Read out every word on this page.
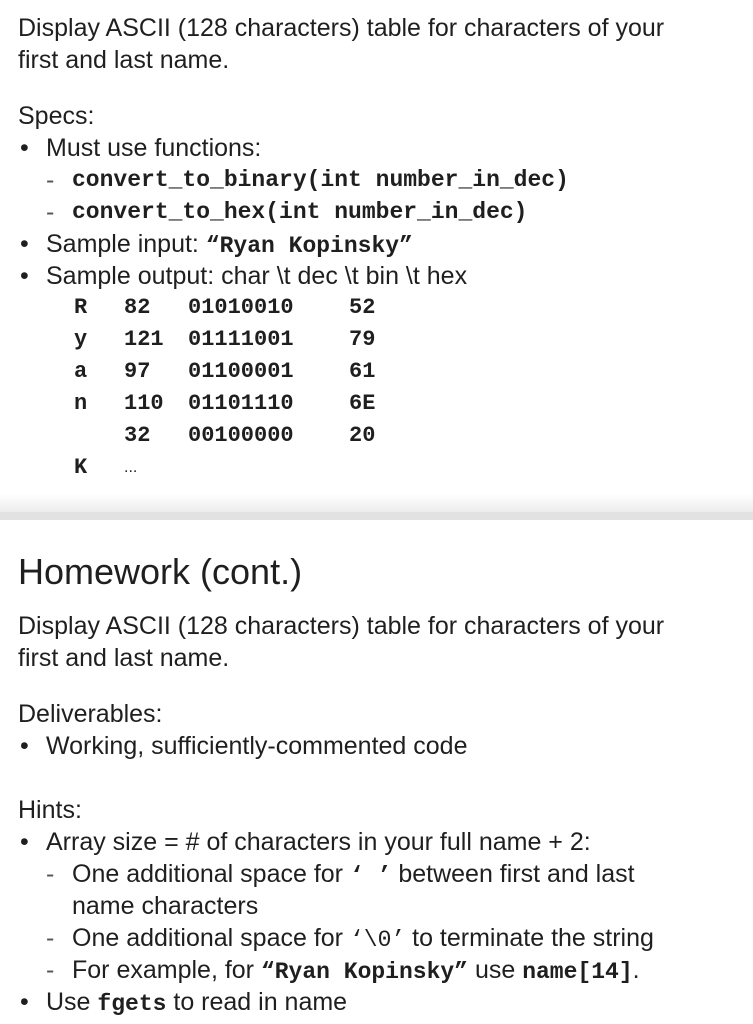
Display ASCII (128 characters) table for characters of your
first and last name.
Specs:
• Must use functions:
- convert_to_binary(int number_in_dec)
- convert_to_hex(int number_in_dec)
• Sample input: “Ryan Kopinsky”
• Sample output: char \t dec \t bin \t hex
R 82 01010010	52
y 121 01111001	79
a 97 01100001	61
n 110 01101110	6E
32 00100000	20
K ...
Homework (cont.)
Display ASCII (128 characters) table for characters of your
first and last name.
Deliverables:
• Working, sufficiently-commented code
Hints:
• Array size = # of characters in your full name + 2:
- One additional space for ‘ ’ between first and last
name characters
- One additional space for ‘\0’ to terminate the string
- For example, for “Ryan Kopinsky” use name[14].
• Use fgets to read in name
